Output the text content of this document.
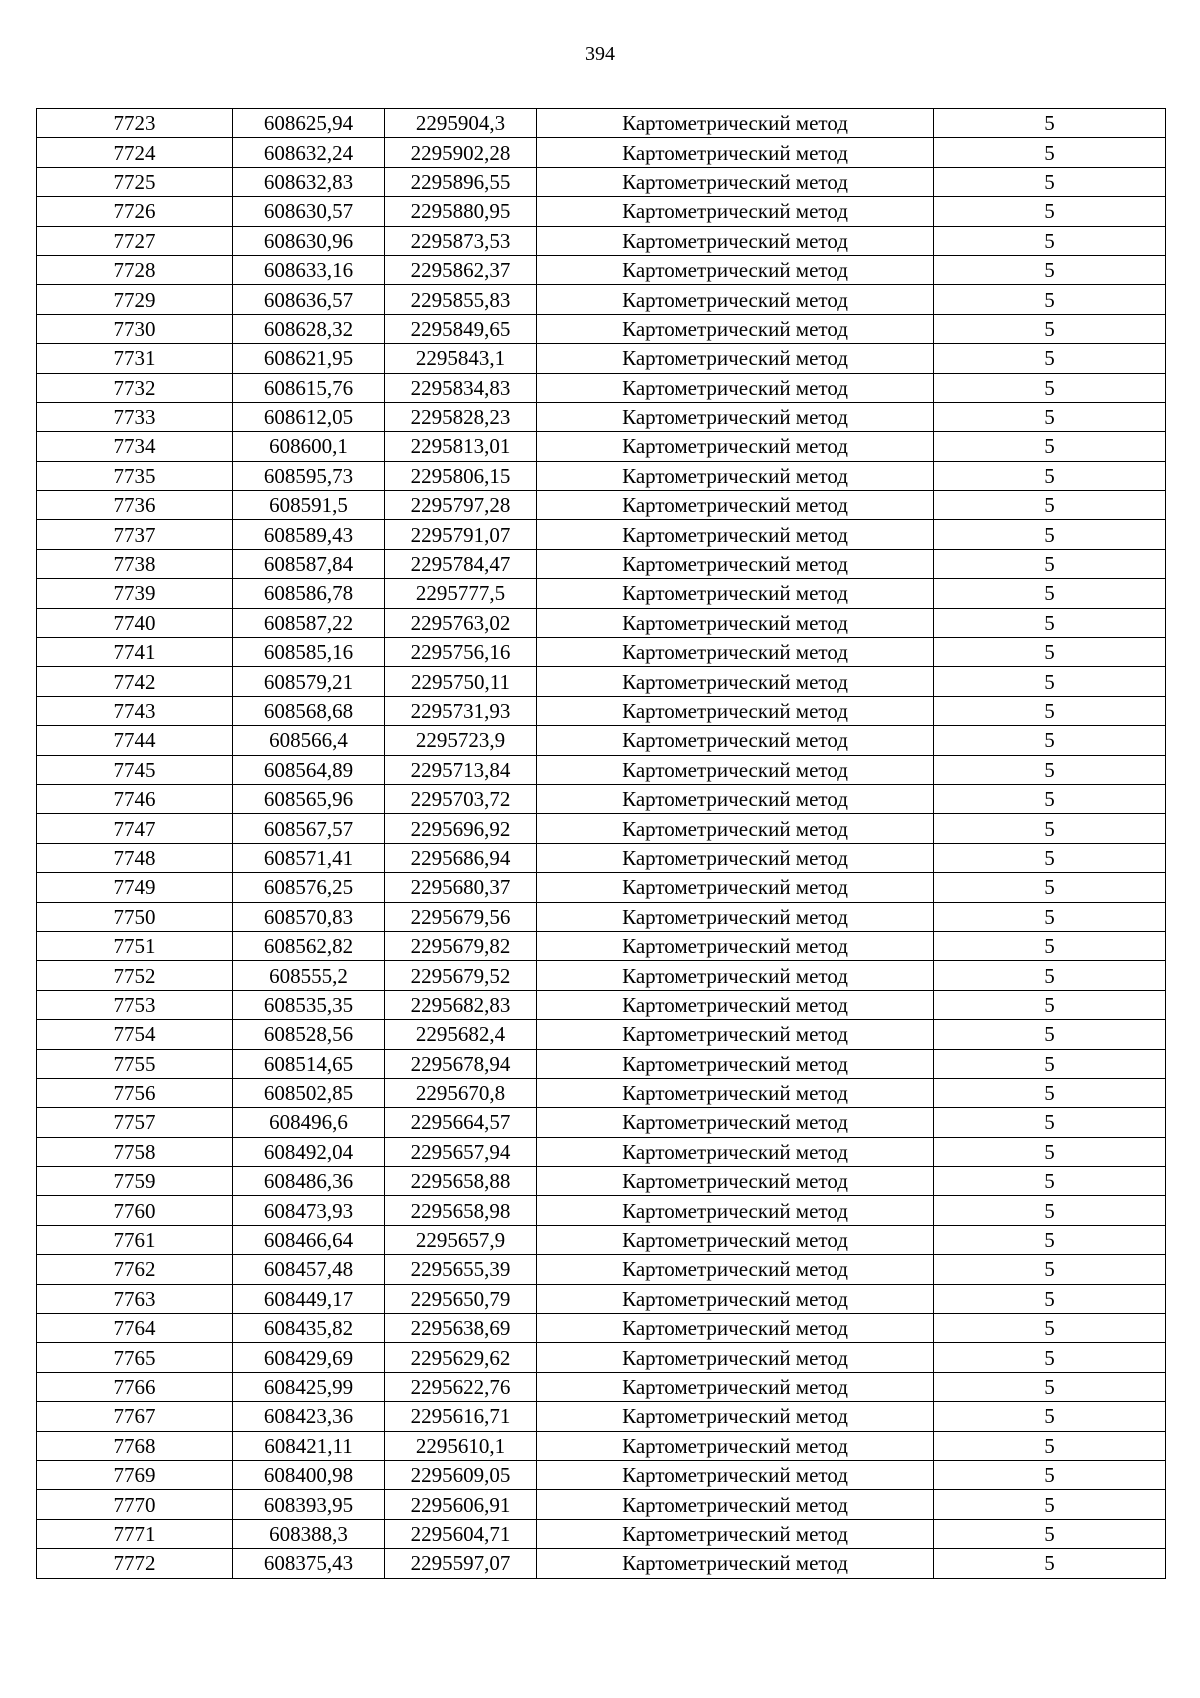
394
7723	608625,94	2295904,3	Картометрический метод	5
7724	608632,24	2295902,28	Картометрический метод	5
7725	608632,83	2295896,55	Картометрический метод	5
7726	608630,57	2295880,95	Картометрический метод	5
7727	608630,96	2295873,53	Картометрический метод	5
7728	608633,16	2295862,37	Картометрический метод	5
7729	608636,57	2295855,83	Картометрический метод	5
7730	608628,32	2295849,65	Картометрический метод	5
7731	608621,95	2295843,1	Картометрический метод	5
7732	608615,76	2295834,83	Картометрический метод	5
7733	608612,05	2295828,23	Картометрический метод	5
7734	608600,1	2295813,01	Картометрический метод	5
7735	608595,73	2295806,15	Картометрический метод	5
7736	608591,5	2295797,28	Картометрический метод	5
7737	608589,43	2295791,07	Картометрический метод	5
7738	608587,84	2295784,47	Картометрический метод	5
7739	608586,78	2295777,5	Картометрический метод	5
7740	608587,22	2295763,02	Картометрический метод	5
7741	608585,16	2295756,16	Картометрический метод	5
7742	608579,21	2295750,11	Картометрический метод	5
7743	608568,68	2295731,93	Картометрический метод	5
7744	608566,4	2295723,9	Картометрический метод	5
7745	608564,89	2295713,84	Картометрический метод	5
7746	608565,96	2295703,72	Картометрический метод	5
7747	608567,57	2295696,92	Картометрический метод	5
7748	608571,41	2295686,94	Картометрический метод	5
7749	608576,25	2295680,37	Картометрический метод	5
7750	608570,83	2295679,56	Картометрический метод	5
7751	608562,82	2295679,82	Картометрический метод	5
7752	608555,2	2295679,52	Картометрический метод	5
7753	608535,35	2295682,83	Картометрический метод	5
7754	608528,56	2295682,4	Картометрический метод	5
7755	608514,65	2295678,94	Картометрический метод	5
7756	608502,85	2295670,8	Картометрический метод	5
7757	608496,6	2295664,57	Картометрический метод	5
7758	608492,04	2295657,94	Картометрический метод	5
7759	608486,36	2295658,88	Картометрический метод	5
7760	608473,93	2295658,98	Картометрический метод	5
7761	608466,64	2295657,9	Картометрический метод	5
7762	608457,48	2295655,39	Картометрический метод	5
7763	608449,17	2295650,79	Картометрический метод	5
7764	608435,82	2295638,69	Картометрический метод	5
7765	608429,69	2295629,62	Картометрический метод	5
7766	608425,99	2295622,76	Картометрический метод	5
7767	608423,36	2295616,71	Картометрический метод	5
7768	608421,11	2295610,1	Картометрический метод	5
7769	608400,98	2295609,05	Картометрический метод	5
7770	608393,95	2295606,91	Картометрический метод	5
7771	608388,3	2295604,71	Картометрический метод	5
7772	608375,43	2295597,07	Картометрический метод	5
